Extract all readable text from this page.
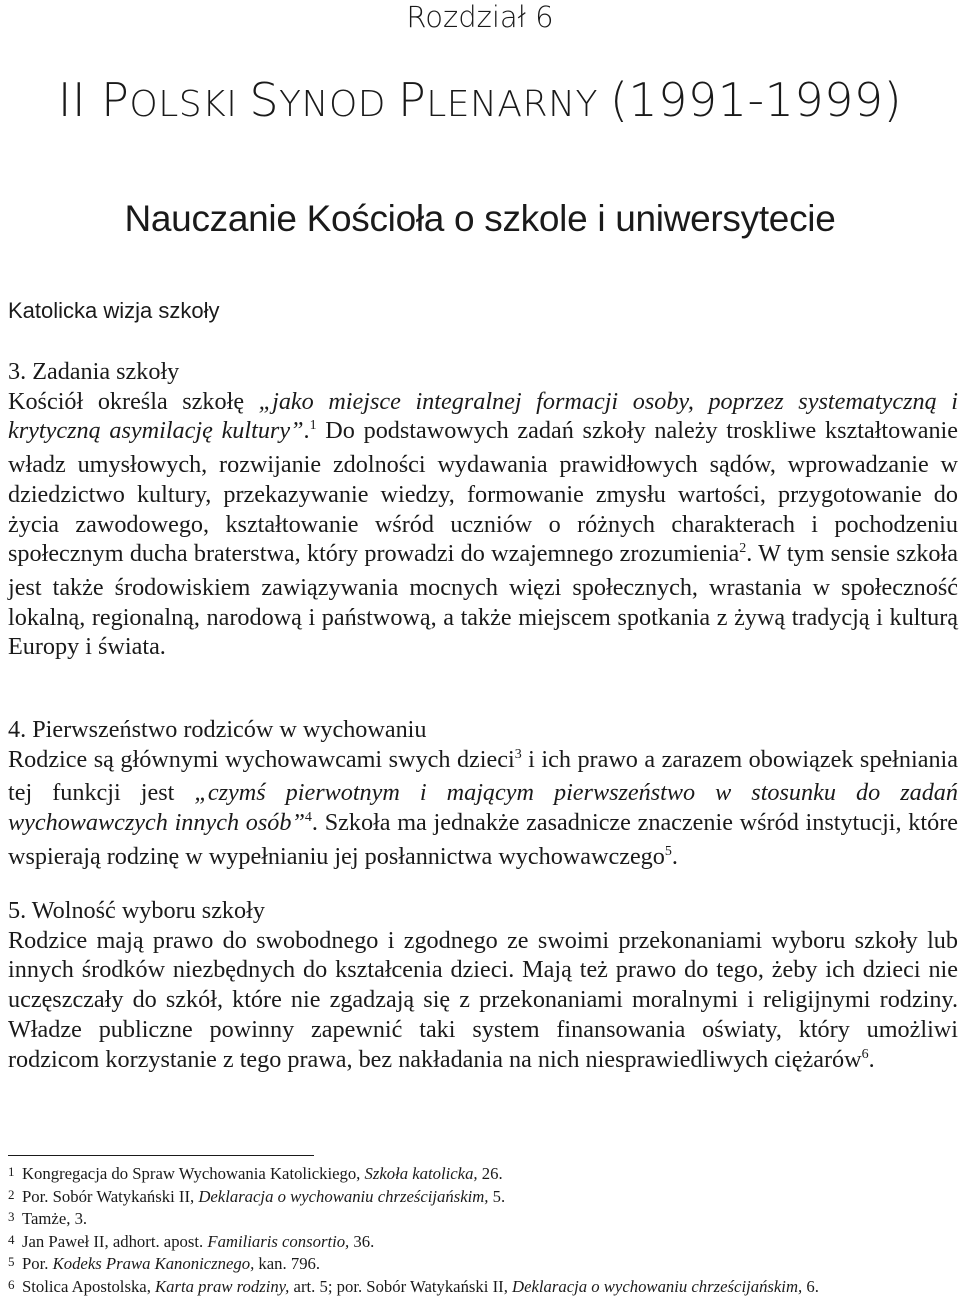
Rozdział 6
II POLSKI SYNOD PLENARNY (1991-1999)
Nauczanie Kościoła o szkole i uniwersytecie
Katolicka wizja szkoły

3. Zadania szkoły

Kościół określa szkołę „jako miejsce integralnej formacji osoby, poprzez systematyczną i krytyczną asymilację kultury”.$^1$ Do podstawowych zadań szkoły należy troskliwe kształtowanie władz umysłowych, rozwijanie zdolności wydawania prawidłowych sądów, wprowadzanie w dziedzictwo kultury, przekazywanie wiedzy, formowanie zmysłu wartości, przygotowanie do życia zawodowego, kształtowanie wśród uczniów o różnych charakterach i pochodzeniu społecznym ducha braterstwa, który prowadzi do wzajemnego zrozumienia$^2$. W tym sensie szkoła jest także środowiskiem zawiązywania mocnych więzi społecznych, wrastania w społeczność lokalną, regionalną, narodową i państwową, a także miejscem spotkania z żywą tradycją i kulturą Europy i świata.

4. Pierwszeństwo rodziców w wychowaniu

Rodzice są głównymi wychowawcami swych dzieci$^3$ i ich prawo a zarazem obowiązek spełniania tej funkcji jest „czymś pierwotnym i mającym pierwszeństwo w stosunku do zadań wychowawczych innych osób”$^4$. Szkoła ma jednakże zasadnicze znaczenie wśród instytucji, które wspierają rodzinę w wypełnianiu jej posłannictwa wychowawczego$^5$.

5. Wolność wyboru szkoły

Rodzice mają prawo do swobodnego i zgodnego ze swoimi przekonaniami wyboru szkoły lub innych środków niezbędnych do kształcenia dzieci. Mają też prawo do tego, żeby ich dzieci nie uczęszczały do szkół, które nie zgadzają się z przekonaniami moralnymi i religijnymi rodziny. Władze publiczne powinny zapewnić taki system finansowania oświaty, który umożliwi rodzicom korzystanie z tego prawa, bez nakładania na nich niesprawiedliwych ciężarów$^6$.

1 Kongregacja do Spraw Wychowania Katolickiego, Szkoła katolicka, 26.
2 Por. Sobór Watykański II, Deklaracja o wychowaniu chrześcijańskim, 5.
3 Tamże, 3.
4 Jan Paweł II, adhort. apost. Familiaris consortio, 36.
5 Por. Kodeks Prawa Kanonicznego, kan. 796.
6 Stolica Apostolska, Karta praw rodziny, art. 5; por. Sobór Watykański II, Deklaracja o wychowaniu chrześcijańskim, 6.
